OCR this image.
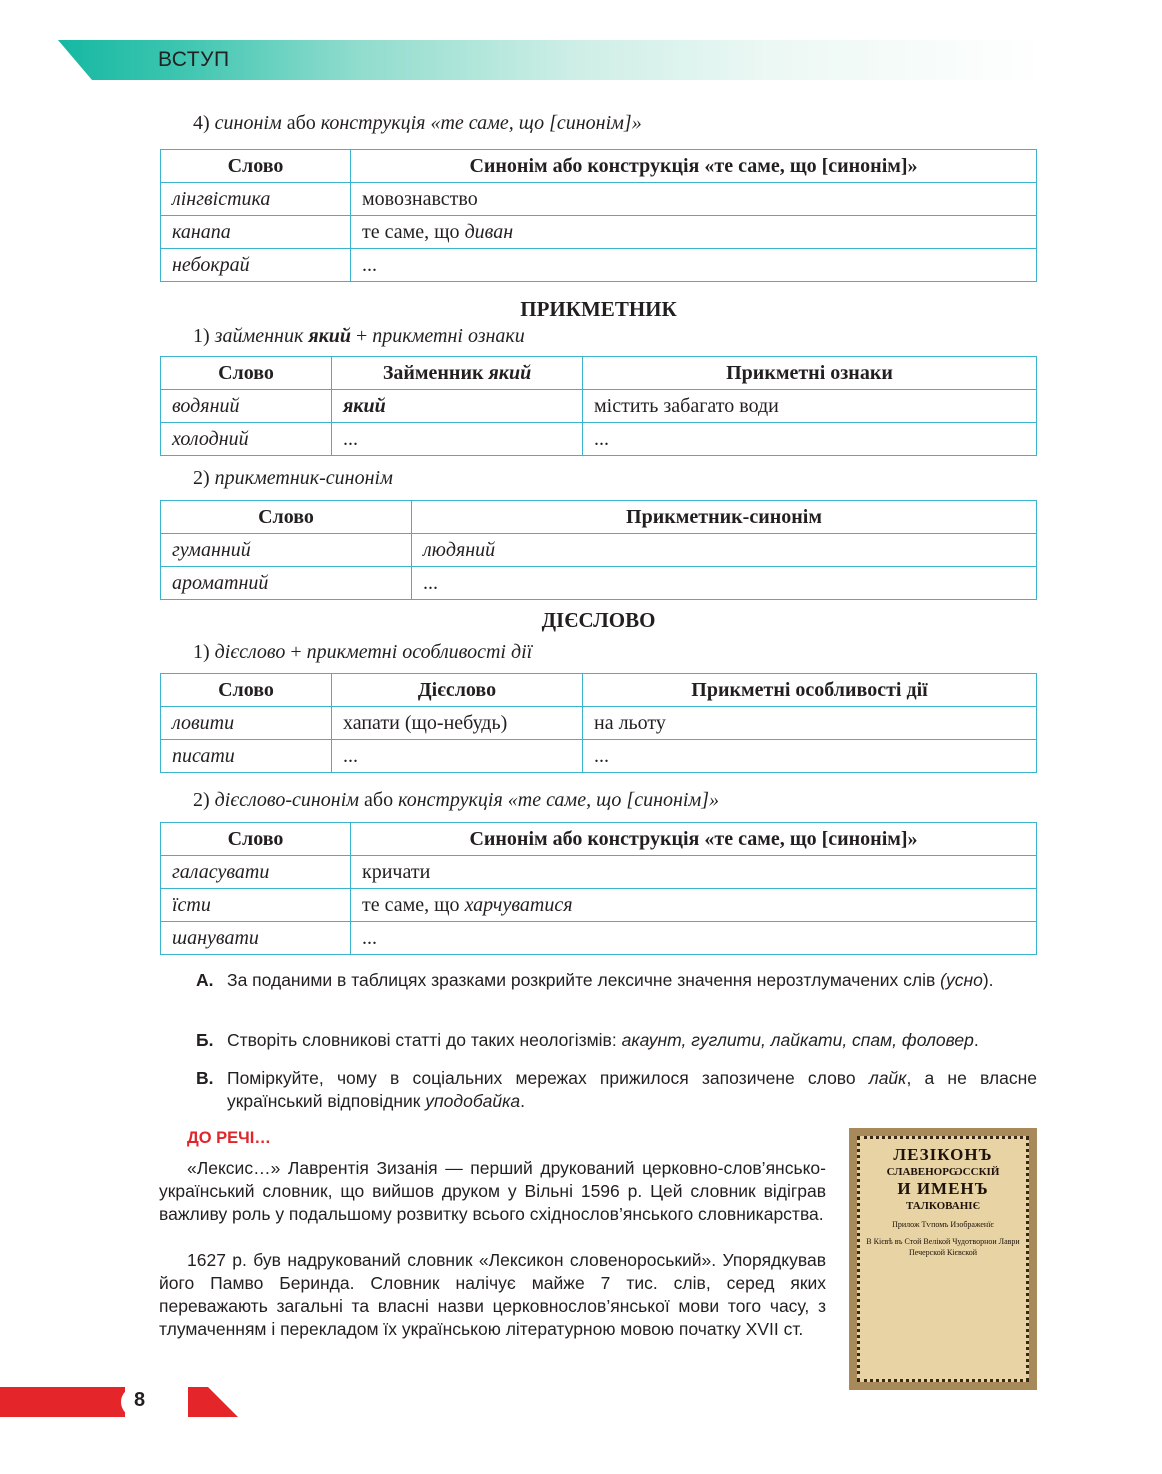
ВСТУП
4) синонім або конструкція «те саме, що [синонім]»
Слово	Синонім або конструкція «те саме, що [синонім]»
лінгвістика	мовознавство
канапа	те саме, що диван
небокрай	...
ПРИКМЕТНИК
1) займенник який + прикметні ознаки
Слово	Займенник який	Прикметні ознаки
водяний	який	містить забагато води
холодний	...	...
2) прикметник-синонім
Слово	Прикметник-синонім
гуманний	людяний
ароматний	...
ДІЄСЛОВО
1) дієслово + прикметні особливості дії
Слово	Дієслово	Прикметні особливості дії
ловити	хапати (що-небудь)	на льоту
писати	...	...
2) дієслово-синонім або конструкція «те саме, що [синонім]»
Слово	Синонім або конструкція «те саме, що [синонім]»
галасувати	кричати
їсти	те саме, що харчуватися
шанувати	...
А. За поданими в таблицях зразками розкрийте лексичне значення нерозтлумачених слів (усно).
Б. Створіть словникові статті до таких неологізмів: акаунт, гуглити, лайкати, спам, фоловер.
В. Поміркуйте, чому в соціальних мережах прижилося запозичене слово лайк, а не власне український відповідник уподобайка.
ДО РЕЧІ…
«Лексис…» Лаврентія Зизанія — перший друкований церковно-слов’янсько-український словник, що вийшов друком у Вільні 1596 р. Цей словник відіграв важливу роль у подальшому розвитку всього східнослов’янського словникарства.
1627 р. був надрукований словник «Лексикон словенороський». Упорядкував його Памво Беринда. Словник налічує майже 7 тис. слів, серед яких переважають загальні та власні назви церковнослов’янської мови того часу, з тлумаченням і перекладом їх українською літературною мовою початку XVII ст.
ЛЕЗІКОНЪ
СЛАВЕНОРѠССКІЙ
И ИМЕНЪ
ТАЛКОВАНІЄ
Прилож Тѵпомъ Изображенїє
В Кієвѣ въ Стой Велікой Чудотворнои Лаври Печерской Кієвской
8
